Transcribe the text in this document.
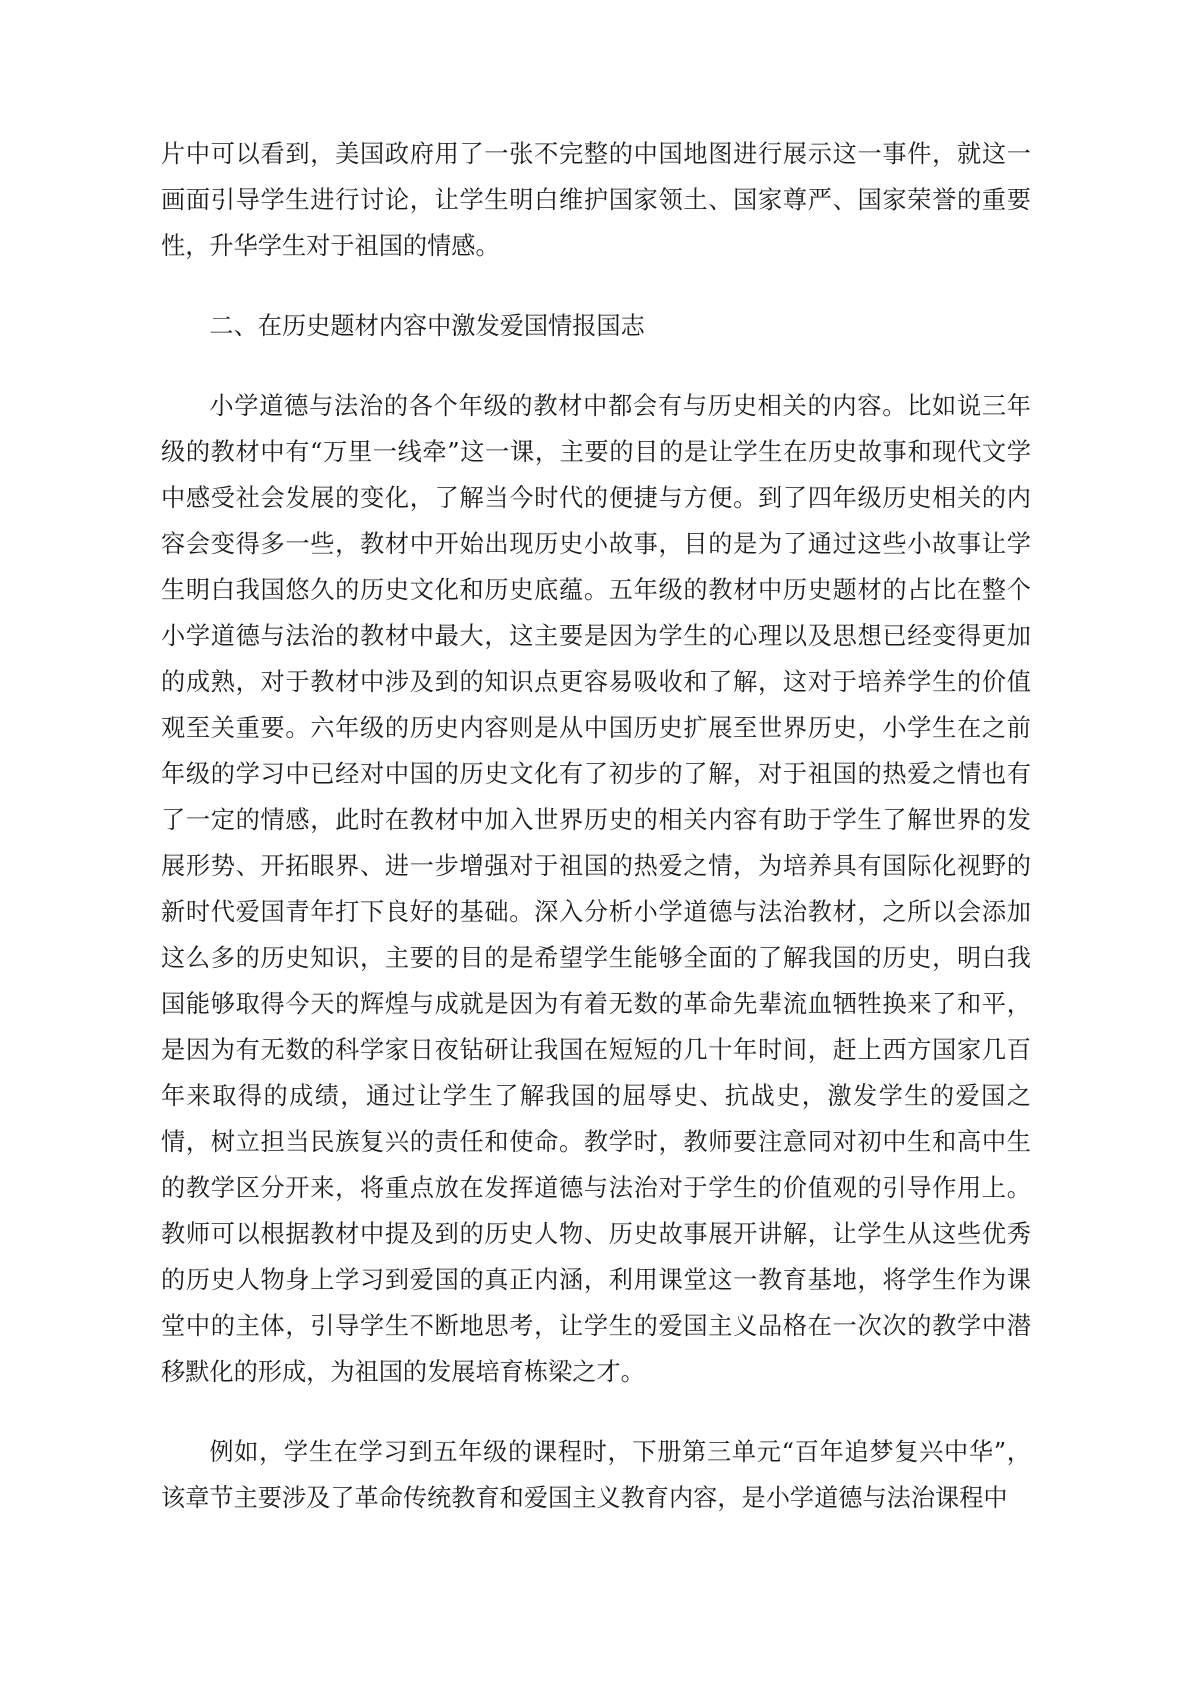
片中可以看到，美国政府用了一张不完整的中国地图进行展示这一事件，就这一画面引导学生进行讨论，让学生明白维护国家领土、国家尊严、国家荣誉的重要性，升华学生对于祖国的情感。

二、在历史题材内容中激发爱国情报国志

小学道德与法治的各个年级的教材中都会有与历史相关的内容。比如说三年级的教材中有“万里一线牵”这一课，主要的目的是让学生在历史故事和现代文学中感受社会发展的变化，了解当今时代的便捷与方便。到了四年级历史相关的内容会变得多一些，教材中开始出现历史小故事，目的是为了通过这些小故事让学生明白我国悠久的历史文化和历史底蕴。五年级的教材中历史题材的占比在整个小学道德与法治的教材中最大，这主要是因为学生的心理以及思想已经变得更加的成熟，对于教材中涉及到的知识点更容易吸收和了解，这对于培养学生的价值观至关重要。六年级的历史内容则是从中国历史扩展至世界历史，小学生在之前年级的学习中已经对中国的历史文化有了初步的了解，对于祖国的热爱之情也有了一定的情感，此时在教材中加入世界历史的相关内容有助于学生了解世界的发展形势、开拓眼界、进一步增强对于祖国的热爱之情，为培养具有国际化视野的新时代爱国青年打下良好的基础。深入分析小学道德与法治教材，之所以会添加这么多的历史知识，主要的目的是希望学生能够全面的了解我国的历史，明白我国能够取得今天的辉煌与成就是因为有着无数的革命先辈流血牺牲换来了和平，是因为有无数的科学家日夜钻研让我国在短短的几十年时间，赶上西方国家几百年来取得的成绩，通过让学生了解我国的屈辱史、抗战史，激发学生的爱国之情，树立担当民族复兴的责任和使命。教学时，教师要注意同对初中生和高中生的教学区分开来，将重点放在发挥道德与法治对于学生的价值观的引导作用上。教师可以根据教材中提及到的历史人物、历史故事展开讲解，让学生从这些优秀的历史人物身上学习到爱国的真正内涵，利用课堂这一教育基地，将学生作为课堂中的主体，引导学生不断地思考，让学生的爱国主义品格在一次次的教学中潜移默化的形成，为祖国的发展培育栋梁之才。

例如，学生在学习到五年级的课程时，下册第三单元“百年追梦复兴中华”，该章节主要涉及了革命传统教育和爱国主义教育内容，是小学道德与法治课程中
